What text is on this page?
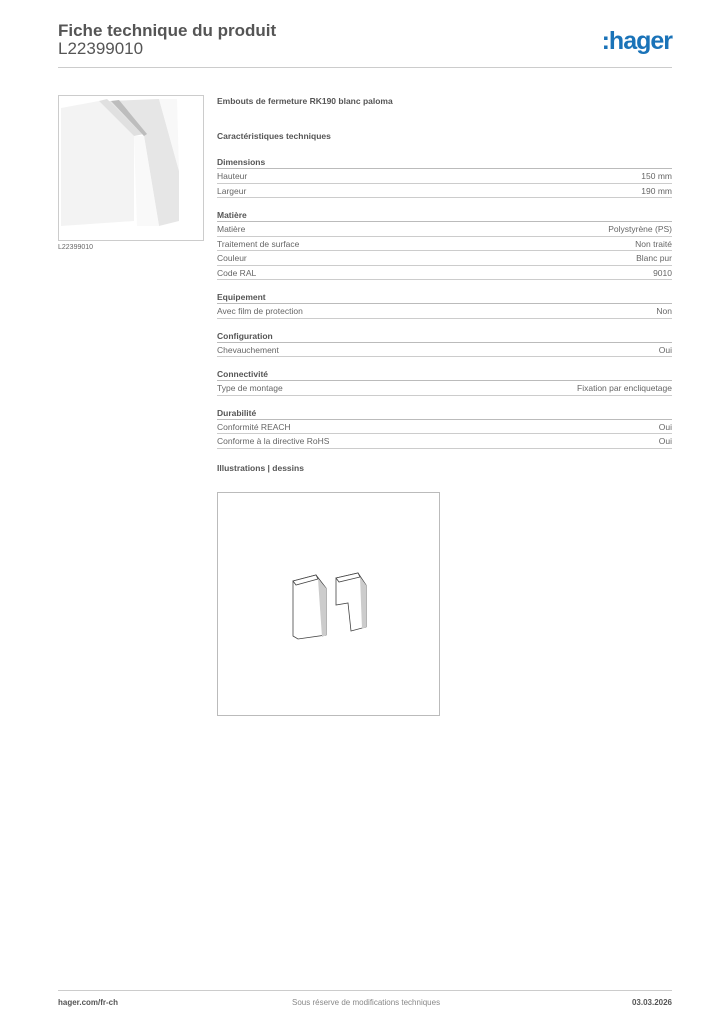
Fiche technique du produit
L22399010	:hager
L22399010
Embouts de fermeture RK190 blanc paloma
Caractéristiques techniques
Dimensions
Hauteur	150 mm
Largeur	190 mm
Matière
Matière	Polystyrène (PS)
Traitement de surface	Non traité
Couleur	Blanc pur
Code RAL	9010
Equipement
Avec film de protection	Non
Configuration
Chevauchement	Oui
Connectivité
Type de montage	Fixation par encliquetage
Durabilité
Conformité REACH	Oui
Conforme à la directive RoHS	Oui
Illustrations | dessins
hager.com/fr-ch	Sous réserve de modifications techniques	03.03.2026
